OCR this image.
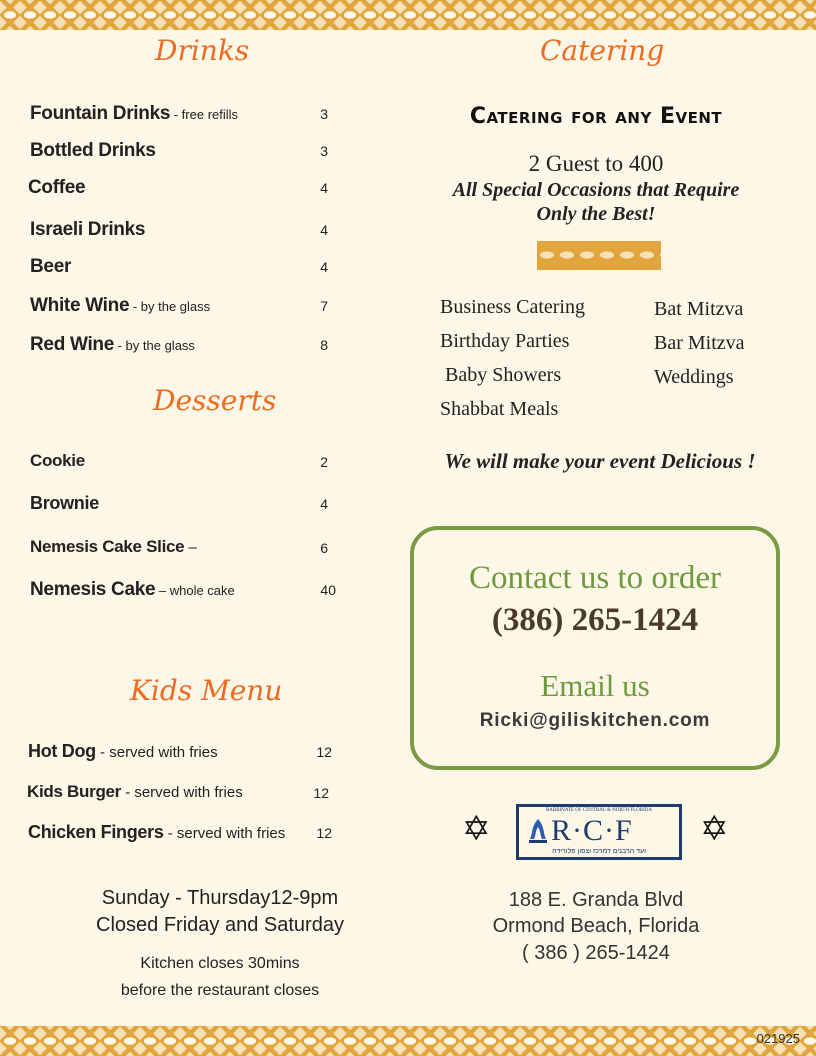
Drinks
Fountain Drinks - free refills	3
Bottled Drinks	3
Coffee	4
Israeli Drinks	4
Beer	4
White Wine - by the glass	7
Red Wine - by the glass	8
Desserts
Cookie	2
Brownie	4
Nemesis Cake Slice –	6
Nemesis Cake – whole cake	40
Kids Menu
Hot Dog - served with fries	12
Kids Burger - served with fries	12
Chicken Fingers - served with fries 12
Sunday - Thursday12-9pm
Closed Friday and Saturday
Kitchen closes 30mins
before the restaurant closes
Catering
Catering for any Event
2 Guest to 400
All Special Occasions that Require
Only the Best!
Business Catering
Birthday Parties
Baby Showers
Shabbat Meals
Bat Mitzva
Bar Mitzva
Weddings
We will make your event Delicious !
Contact us to order
(386) 265-1424
Email us
Ricki@giliskitchen.com
✡	✡
RABBINATE OF CENTRAL & NORTH FLORIDA
R·C·F
ועד הרבנים דמרכז וצפון פלורידה
188 E. Granda Blvd
Ormond Beach, Florida
( 386 ) 265-1424
021925
